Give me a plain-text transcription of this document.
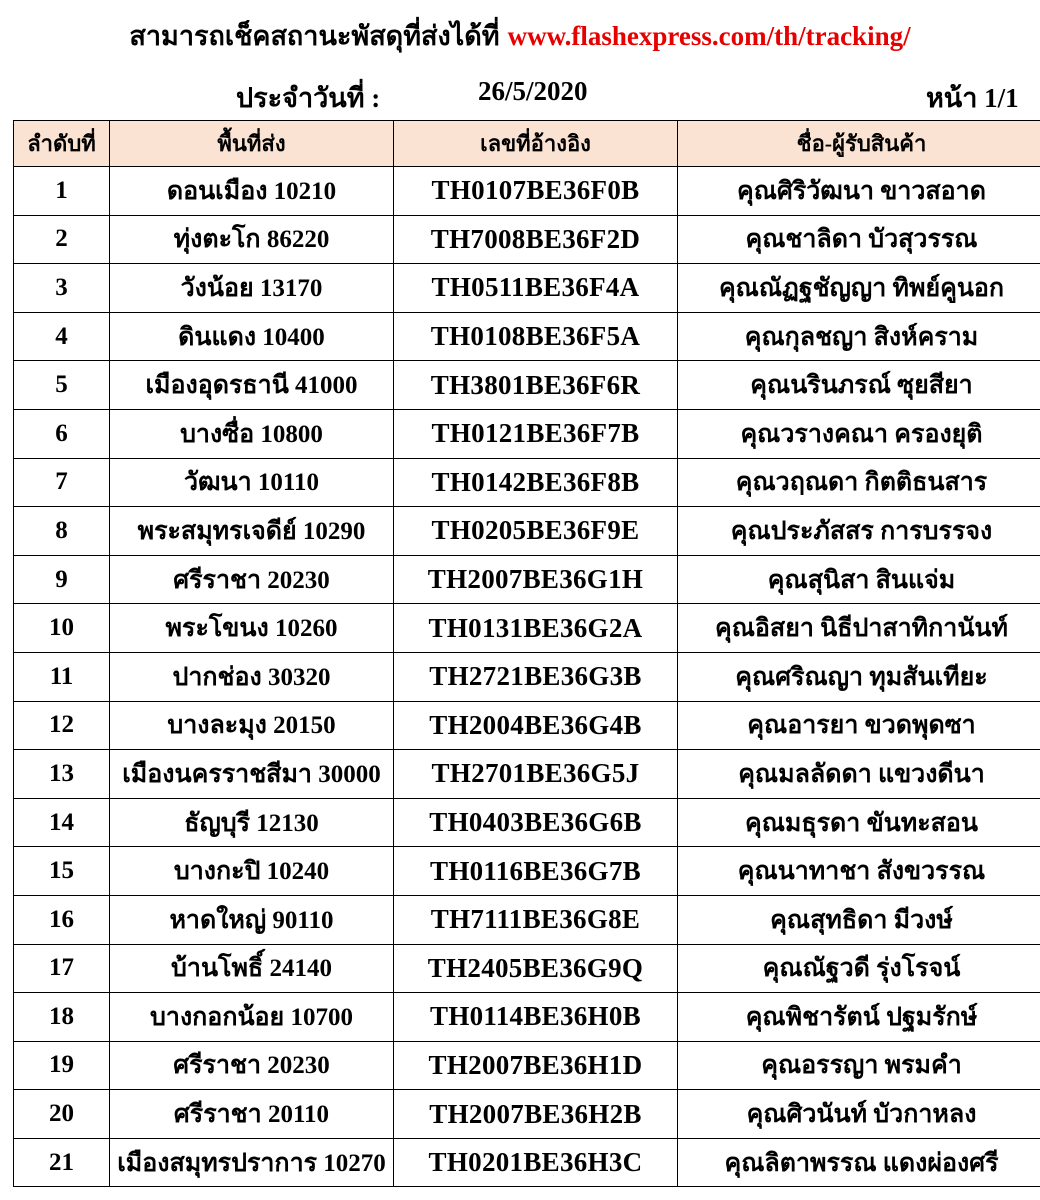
สามารถเช็คสถานะพัสดุที่ส่งได้ที่ www.flashexpress.com/th/tracking/
ประจำวันที่ :	26/5/2020	หน้า 1/1
ลำดับที่	พื้นที่ส่ง	เลขที่อ้างอิง	ชื่อ-ผู้รับสินค้า
1	ดอนเมือง 10210	TH0107BE36F0B	คุณศิริวัฒนา ขาวสอาด
2	ทุ่งตะโก 86220	TH7008BE36F2D	คุณชาลิดา บัวสุวรรณ
3	วังน้อย 13170	TH0511BE36F4A	คุณณัฏฐชัญญา ทิพย์คูนอก
4	ดินแดง 10400	TH0108BE36F5A	คุณกุลชญา สิงห์คราม
5	เมืองอุดรธานี 41000	TH3801BE36F6R	คุณนรินภรณ์ ซุยสียา
6	บางซื่อ 10800	TH0121BE36F7B	คุณวรางคณา ครองยุติ
7	วัฒนา 10110	TH0142BE36F8B	คุณวฤณดา กิตติธนสาร
8	พระสมุทรเจดีย์ 10290	TH0205BE36F9E	คุณประภัสสร การบรรจง
9	ศรีราชา 20230	TH2007BE36G1H	คุณสุนิสา สินแจ่ม
10	พระโขนง 10260	TH0131BE36G2A	คุณอิสยา นิธีปาสาทิกานันท์
11	ปากช่อง 30320	TH2721BE36G3B	คุณศริณญา ทุมสันเทียะ
12	บางละมุง 20150	TH2004BE36G4B	คุณอารยา ขวดพุดซา
13	เมืองนครราชสีมา 30000	TH2701BE36G5J	คุณมลลัดดา แขวงดีนา
14	ธัญบุรี 12130	TH0403BE36G6B	คุณมธุรดา ขันทะสอน
15	บางกะปิ 10240	TH0116BE36G7B	คุณนาทาชา สังขวรรณ
16	หาดใหญ่ 90110	TH7111BE36G8E	คุณสุทธิดา มีวงษ์
17	บ้านโพธิ์ 24140	TH2405BE36G9Q	คุณณัฐวดี รุ่งโรจน์
18	บางกอกน้อย 10700	TH0114BE36H0B	คุณพิชารัตน์ ปฐมรักษ์
19	ศรีราชา 20230	TH2007BE36H1D	คุณอรรญา พรมคำ
20	ศรีราชา 20110	TH2007BE36H2B	คุณศิวนันท์ บัวกาหลง
21	เมืองสมุทรปราการ 10270	TH0201BE36H3C	คุณลิตาพรรณ แดงผ่องศรี
